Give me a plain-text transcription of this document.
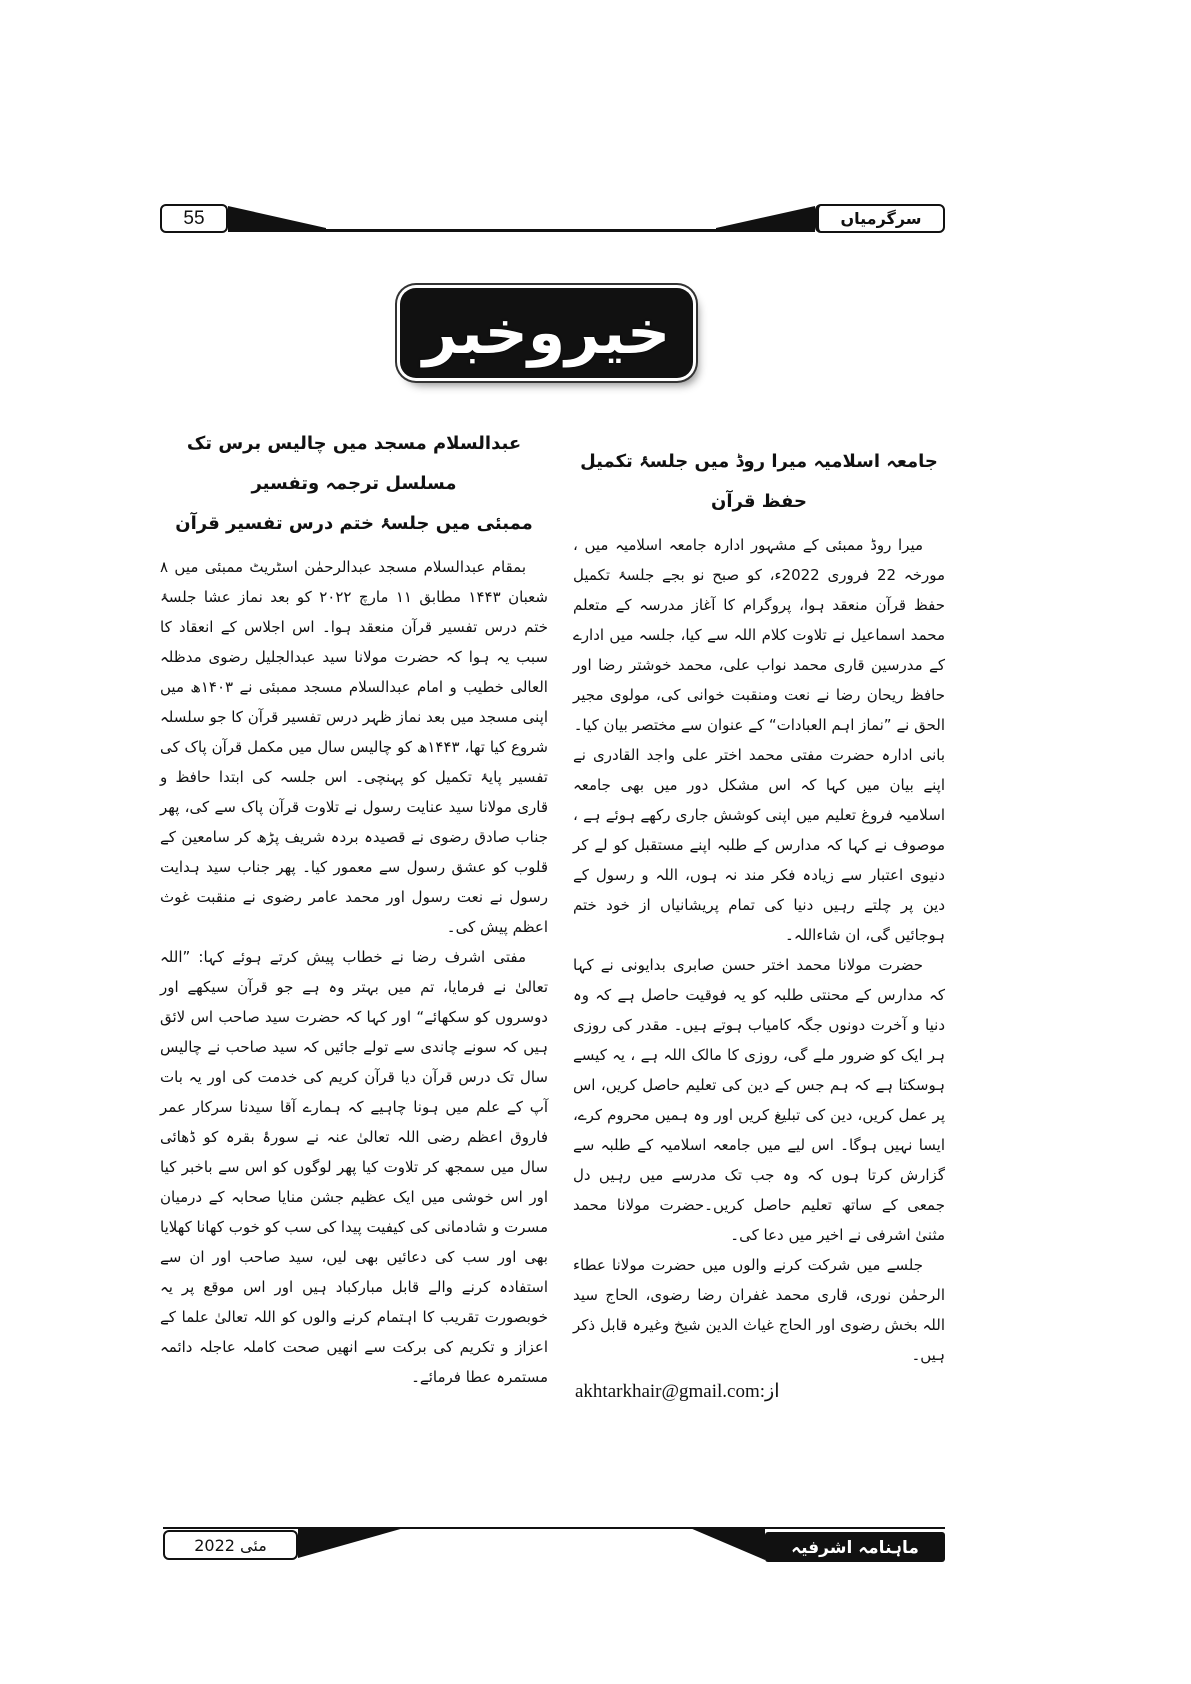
55	سرگرمیاں
خیروخبر
جامعہ اسلامیہ میرا روڈ میں جلسۂ تکمیل حفظ قرآن

میرا روڈ ممبئی کے مشہور ادارہ جامعہ اسلامیہ میں ، مورخہ 22 فروری 2022ء، کو صبح نو بجے جلسۂ تکمیل حفظ قرآن منعقد ہوا، پروگرام کا آغاز مدرسہ کے متعلم محمد اسماعیل نے تلاوت کلام اللہ سے کیا، جلسہ میں ادارے کے مدرسین قاری محمد نواب علی، محمد خوشتر رضا اور حافظ ریحان رضا نے نعت ومنقبت خوانی کی، مولوی مجیر الحق نے ”نماز اہم العبادات“ کے عنوان سے مختصر بیان کیا۔

بانی ادارہ حضرت مفتی محمد اختر علی واجد القادری نے اپنے بیان میں کہا کہ اس مشکل دور میں بھی جامعہ اسلامیہ فروغ تعلیم میں اپنی کوشش جاری رکھے ہوئے ہے ، موصوف نے کہا کہ مدارس کے طلبہ اپنے مستقبل کو لے کر دنیوی اعتبار سے زیادہ فکر مند نہ ہوں، اللہ و رسول کے دین پر چلتے رہیں دنیا کی تمام پریشانیاں از خود ختم ہوجائیں گی، ان شاءاللہ۔

حضرت مولانا محمد اختر حسن صابری بدایونی نے کہا کہ مدارس کے محنتی طلبہ کو یہ فوقیت حاصل ہے کہ وہ دنیا و آخرت دونوں جگہ کامیاب ہوتے ہیں۔ مقدر کی روزی ہر ایک کو ضرور ملے گی، روزی کا مالک اللہ ہے ، یہ کیسے ہوسکتا ہے کہ ہم جس کے دین کی تعلیم حاصل کریں، اس پر عمل کریں، دین کی تبلیغ کریں اور وہ ہمیں محروم کرے، ایسا نہیں ہوگا۔ اس لیے میں جامعہ اسلامیہ کے طلبہ سے گزارش کرتا ہوں کہ وہ جب تک مدرسے میں رہیں دل جمعی کے ساتھ تعلیم حاصل کریں۔حضرت مولانا محمد مثنیٰ اشرفی نے اخیر میں دعا کی۔

جلسے میں شرکت کرنے والوں میں حضرت مولانا عطاء الرحمٰن نوری، قاری محمد غفران رضا رضوی، الحاج سید اللہ بخش رضوی اور الحاج غیاث الدین شیخ وغیرہ قابل ذکر ہیں۔

از:akhtarkhair@gmail.com
عبدالسلام مسجد میں چالیس برس تک مسلسل ترجمہ وتفسیر
ممبئی میں جلسۂ ختم درس تفسیر قرآن

بمقام عبدالسلام مسجد عبدالرحمٰن اسٹریٹ ممبئی میں ۸ شعبان ۱۴۴۳ مطابق ۱۱ مارچ ۲۰۲۲ کو بعد نماز عشا جلسۂ ختم درس تفسیر قرآن منعقد ہوا۔ اس اجلاس کے انعقاد کا سبب یہ ہوا کہ حضرت مولانا سید عبدالجلیل رضوی مدظلہ العالی خطیب و امام عبدالسلام مسجد ممبئی نے ۱۴۰۳ھ میں اپنی مسجد میں بعد نماز ظہر درس تفسیر قرآن کا جو سلسلہ شروع کیا تھا، ۱۴۴۳ھ کو چالیس سال میں مکمل قرآن پاک کی تفسیر پایۂ تکمیل کو پہنچی۔ اس جلسہ کی ابتدا حافظ و قاری مولانا سید عنایت رسول نے تلاوت قرآن پاک سے کی، پھر جناب صادق رضوی نے قصیدہ بردہ شریف پڑھ کر سامعین کے قلوب کو عشق رسول سے معمور کیا۔ پھر جناب سید ہدایت رسول نے نعت رسول اور محمد عامر رضوی نے منقبت غوث اعظم پیش کی۔

مفتی اشرف رضا نے خطاب پیش کرتے ہوئے کہا: ”اللہ تعالیٰ نے فرمایا، تم میں بہتر وہ ہے جو قرآن سیکھے اور دوسروں کو سکھائے“ اور کہا کہ حضرت سید صاحب اس لائق ہیں کہ سونے چاندی سے تولے جائیں کہ سید صاحب نے چالیس سال تک درس قرآن دیا قرآن کریم کی خدمت کی اور یہ بات آپ کے علم میں ہونا چاہیے کہ ہمارے آقا سیدنا سرکار عمر فاروق اعظم رضی اللہ تعالیٰ عنہ نے سورۂ بقرہ کو ڈھائی سال میں سمجھ کر تلاوت کیا پھر لوگوں کو اس سے باخبر کیا اور اس خوشی میں ایک عظیم جشن منایا صحابہ کے درمیان مسرت و شادمانی کی کیفیت پیدا کی سب کو خوب کھانا کھلایا بھی اور سب کی دعائیں بھی لیں، سید صاحب اور ان سے استفادہ کرنے والے قابل مبارکباد ہیں اور اس موقع پر یہ خوبصورت تقریب کا اہتمام کرنے والوں کو اللہ تعالیٰ علما کے اعزاز و تکریم کی برکت سے انھیں صحت کاملہ عاجلہ دائمہ مستمرہ عطا فرمائے۔

مئی 2022	ماہنامہ اشرفیہ
